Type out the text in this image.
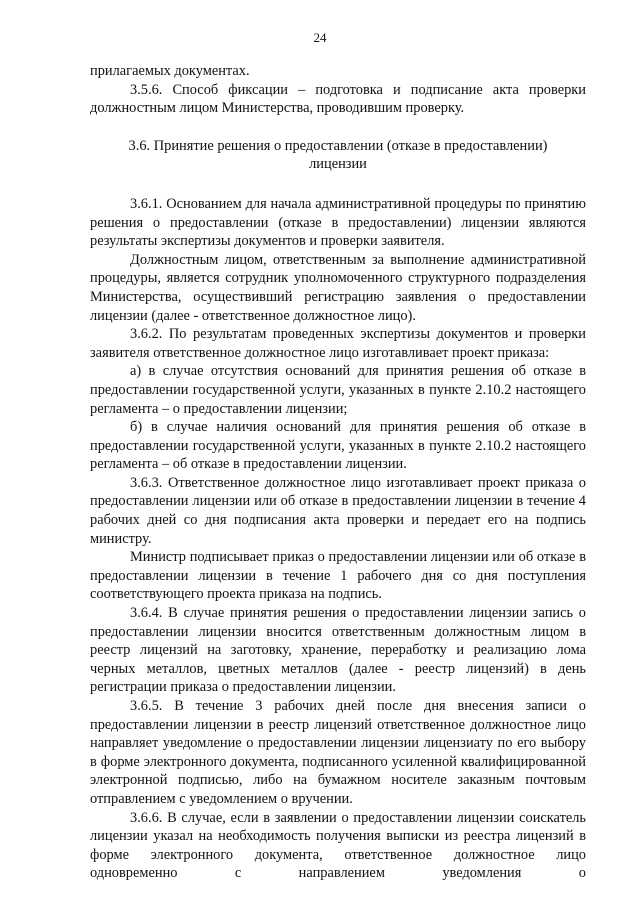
24

прилагаемых документах.

3.5.6. Способ фиксации – подготовка и подписание акта проверки должностным лицом Министерства, проводившим проверку.

3.6. Принятие решения о предоставлении (отказе в предоставлении)
лицензии

3.6.1. Основанием для начала административной процедуры по принятию решения о предоставлении (отказе в предоставлении) лицензии являются результаты экспертизы документов и проверки заявителя.

Должностным лицом, ответственным за выполнение административной процедуры, является сотрудник уполномоченного структурного подразделения Министерства, осуществивший регистрацию заявления о предоставлении лицензии (далее - ответственное должностное лицо).

3.6.2. По результатам проведенных экспертизы документов и проверки заявителя ответственное должностное лицо изготавливает проект приказа:

а) в случае отсутствия оснований для принятия решения об отказе в предоставлении государственной услуги, указанных в пункте 2.10.2 настоящего регламента – о предоставлении лицензии;

б) в случае наличия оснований для принятия решения об отказе в предоставлении государственной услуги, указанных в пункте 2.10.2 настоящего регламента – об отказе в предоставлении лицензии.

3.6.3. Ответственное должностное лицо изготавливает проект приказа о предоставлении лицензии или об отказе в предоставлении лицензии в течение 4 рабочих дней со дня подписания акта проверки и передает его на подпись министру.

Министр подписывает приказ о предоставлении лицензии или об отказе в предоставлении лицензии в течение 1 рабочего дня со дня поступления соответствующего проекта приказа на подпись.

3.6.4. В случае принятия решения о предоставлении лицензии запись о предоставлении лицензии вносится ответственным должностным лицом в реестр лицензий на заготовку, хранение, переработку и реализацию лома черных металлов, цветных металлов (далее - реестр лицензий) в день регистрации приказа о предоставлении лицензии.

3.6.5. В течение 3 рабочих дней после дня внесения записи о предоставлении лицензии в реестр лицензий ответственное должностное лицо направляет уведомление о предоставлении лицензии лицензиату по его выбору в форме электронного документа, подписанного усиленной квалифицированной электронной подписью, либо на бумажном носителе заказным почтовым отправлением с уведомлением о вручении.

3.6.6. В случае, если в заявлении о предоставлении лицензии соискатель лицензии указал на необходимость получения выписки из реестра лицензий в форме электронного документа, ответственное должностное лицо одновременно с направлением уведомления о
